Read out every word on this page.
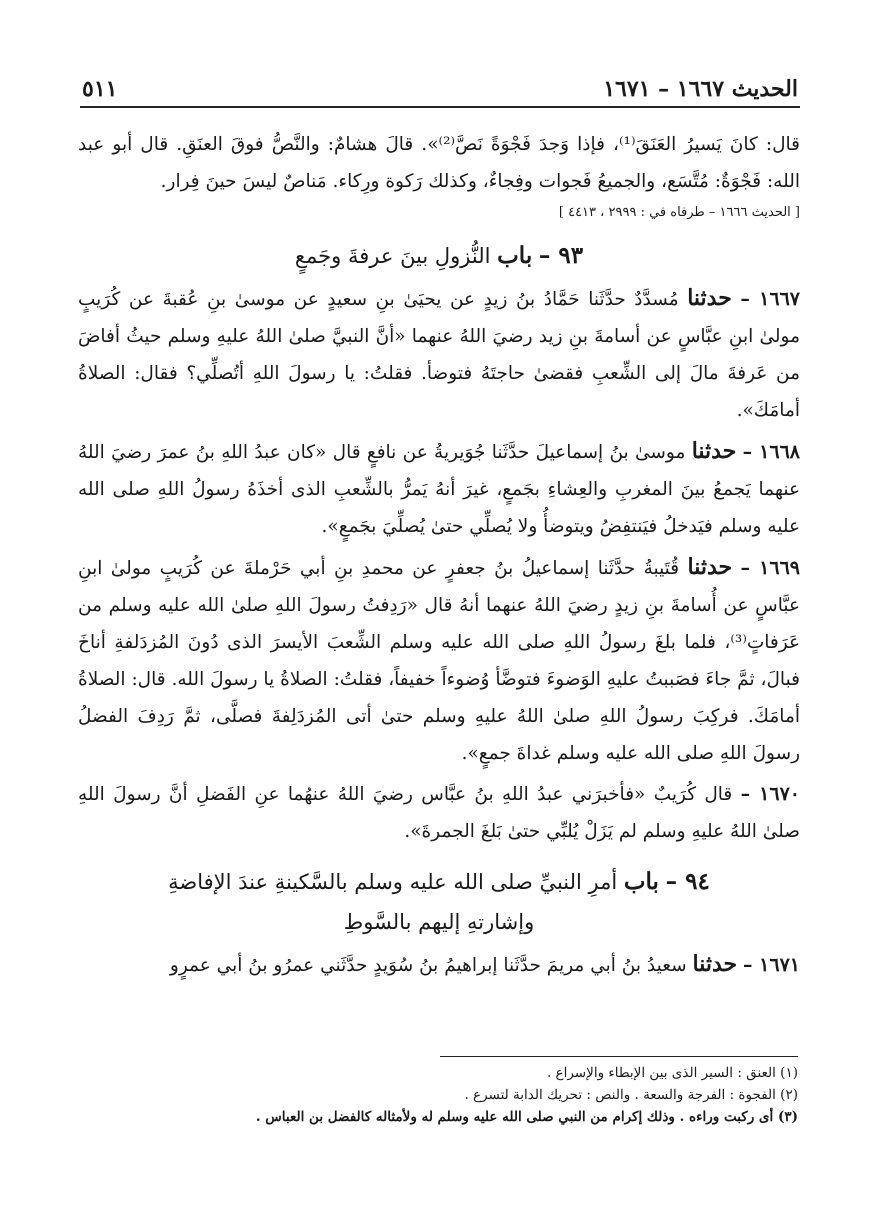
الحديث ١٦٦٧ – ١٦٧١
٥١١

قال: كانَ يَسيرُ العَنَقَ⁽¹⁾، فإذا وَجدَ فَجْوَةً نَصَّ⁽²⁾». قالَ هشامٌ: والنَّصُّ فوقَ العنَقِ. قال أبو عبد الله: فَجْوَةٌ: مُتَّسَع، والجميعُ فَجوات وفِجاءٌ، وكذلك رَكوة ورِكاء. مَناصٌ ليسَ حينَ فِرار.

[ الحديث ١٦٦٦ – طرفاه في : ٢٩٩٩ ، ٤٤١٣ ]

٩٣ – باب النُّزولِ بينَ عرفةَ وجَمعٍ

١٦٦٧ – حدثنا مُسدَّدٌ حدَّثَنا حَمَّادُ بنُ زيدٍ عن يحيَىٰ بنِ سعيدٍ عن موسىٰ بنِ عُقبةَ عن كُرَيبٍ مولىٰ ابنِ عبَّاسٍ عن أسامةَ بنِ زيد رضيَ اللهُ عنهما «أنَّ النبيَّ صلىٰ اللهُ عليهِ وسلم حيثُ أفاضَ من عَرفةَ مالَ إلى الشِّعبِ فقضىٰ حاجتَهُ فتوضأ. فقلتُ: يا رسولَ اللهِ أتُصلِّي؟ فقال: الصلاةُ أمامَكَ».

١٦٦٨ – حدثنا موسىٰ بنُ إسماعيلَ حدَّثَنا جُوَيريةُ عن نافعٍ قال «كان عبدُ اللهِ بنُ عمرَ رضيَ اللهُ عنهما يَجمعُ بينَ المغربِ والعِشاءِ بجَمعٍ، غيرَ أنهُ يَمرُّ بالشِّعبِ الذى أخذَهُ رسولُ اللهِ صلى الله عليه وسلم فيَدخلُ فيَنتفِضُ ويتوضأُ ولا يُصلِّي حتىٰ يُصلِّيَ بجَمعٍ».

١٦٦٩ – حدثنا قُتَيبةُ حدَّثَنا إسماعيلُ بنُ جعفرٍ عن محمدِ بنِ أبي حَرْملةَ عن كُرَيبٍ مولىٰ ابنِ عبَّاسٍ عن أُسامةَ بنِ زيدٍ رضيَ اللهُ عنهما أنهُ قال «رَدِفتُ رسولَ اللهِ صلىٰ الله عليه وسلم من عَرَفاتٍ⁽³⁾، فلما بلغَ رسولُ اللهِ صلى الله عليه وسلم الشِّعبَ الأيسرَ الذى دُونَ المُزدَلفةِ أناخَ فبالَ، ثمَّ جاءَ فصَببتُ عليهِ الوَضوءَ فتوضَّأ وُضوءاً خفيفاً، فقلتُ: الصلاةُ يا رسولَ الله. قال: الصلاةُ أمامَكَ. فركِبَ رسولُ اللهِ صلىٰ اللهُ عليهِ وسلم حتىٰ أتى المُزدَلِفةَ فصلَّى، ثمَّ رَدِفَ الفضلُ رسولَ اللهِ صلى الله عليه وسلم غداةَ جمعٍ».

١٦٧٠ – قال كُرَيبٌ «فأخبرَني عبدُ اللهِ بنُ عبَّاس رضيَ اللهُ عنهُما عنِ الفَضلِ أنَّ رسولَ اللهِ صلىٰ اللهُ عليهِ وسلم لم يَزَلْ يُلبِّي حتىٰ بَلغَ الجمرةَ».

٩٤ – باب أمرِ النبيِّ صلى الله عليه وسلم بالسَّكينةِ عندَ الإفاضةِ
وإشارتهِ إليهم بالسَّوطِ

١٦٧١ – حدثنا سعيدُ بنُ أبي مريمَ حدَّثَنا إبراهيمُ بنُ سُوَيدٍ حدَّثَني عمرُو بنُ أبي عمرٍو

(١) العنق : السير الذى بين الإبطاء والإسراع .
(٢) الفجوة : الفرجة والسعة . والنص : تحريك الدابة لتسرع .
(٣) أى ركبت وراءه . وذلك إكرام من النبي صلى الله عليه وسلم له ولأمثاله كالفضل بن العباس .
